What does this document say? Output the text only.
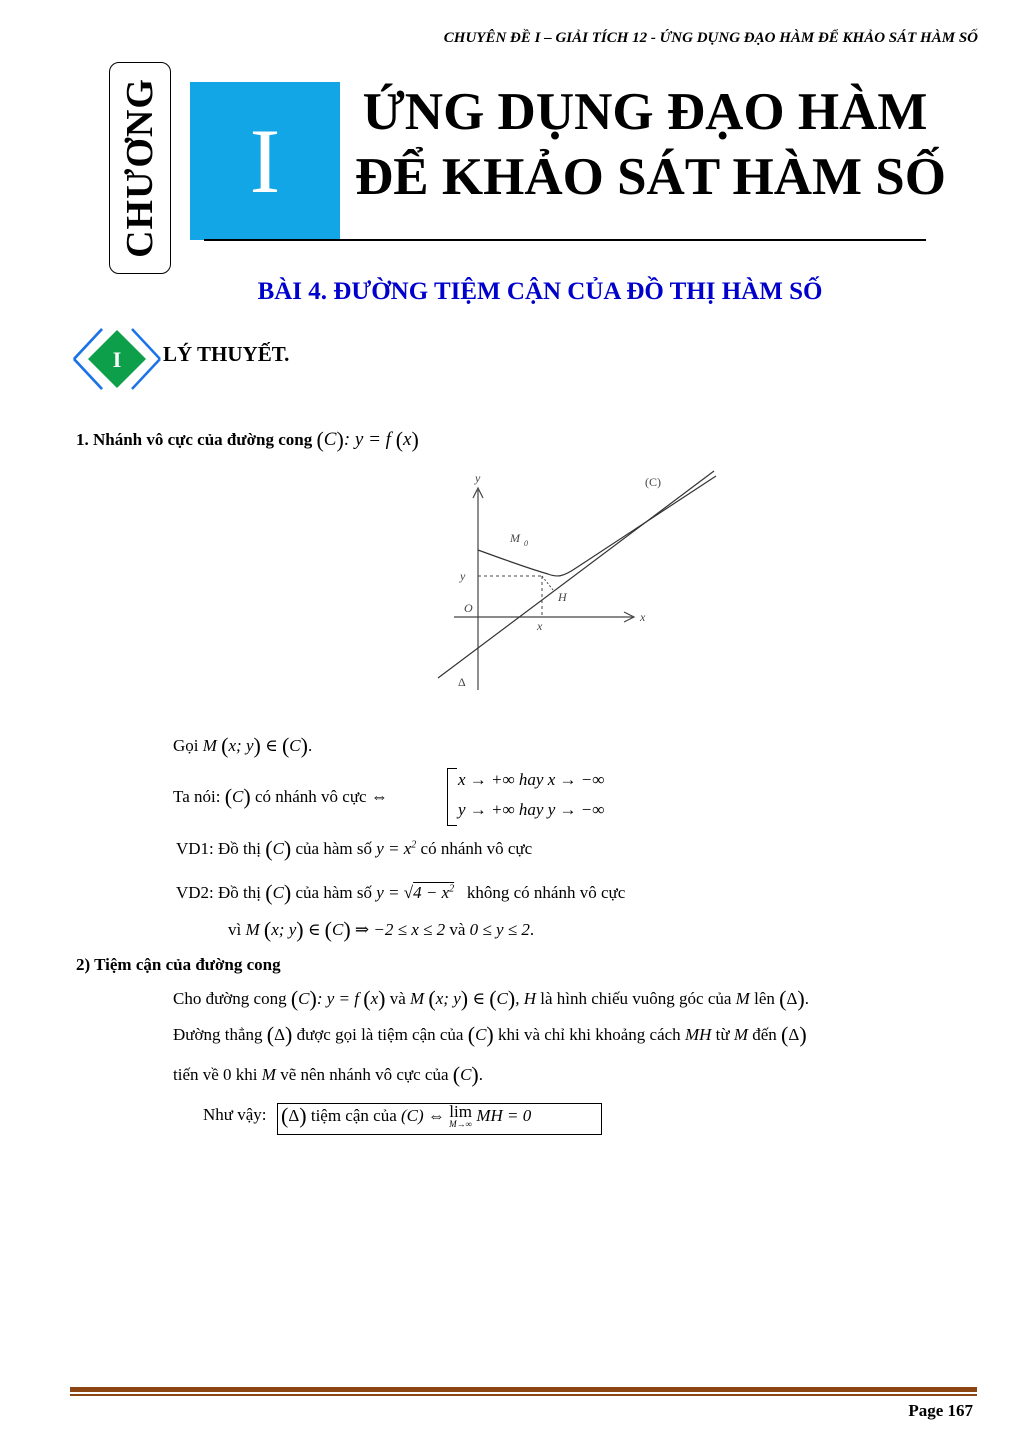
CHUYÊN ĐỀ I – GIẢI TÍCH 12 - ỨNG DỤNG ĐẠO HÀM ĐỂ KHẢO SÁT HÀM SỐ
CHƯƠNG I ỨNG DỤNG ĐẠO HÀM
ĐỂ KHẢO SÁT HÀM SỐ
BÀI 4. ĐƯỜNG TIỆM CẬN CỦA ĐỒ THỊ HÀM SỐ
I LÝ THUYẾT.
1. Nhánh vô cực của đường cong (C): y = f (x)
y
x
(C)
M 0
y
x
O
H
Δ
Gọi M (x; y) ∈ (C).
Ta nói: (C) có nhánh vô cực ⇔
x → +∞ hay x → −∞
y → +∞ hay y → −∞
VD1: Đồ thị (C) của hàm số $y = x^2$ có nhánh vô cực
VD2: Đồ thị (C) của hàm số $y = √4 - x^2$ không có nhánh vô cực
vì M (x; y) ∈ (C) ⇒ −2 ≤ x ≤ 2 và 0 ≤ y ≤ 2.
2) Tiệm cận của đường cong
Cho đường cong (C): y = f (x) và M (x; y) ∈ (C), H là hình chiếu vuông góc của M lên (Δ).
Đường thẳng (Δ) được gọi là tiệm cận của (C) khi và chỉ khi khoảng cách MH từ M đến (Δ)
tiến về 0 khi M vẽ nên nhánh vô cực của (C).
Như vậy: (Δ) tiệm cận của (C) ⇔ lim
M→∞ MH = 0
Page 167
